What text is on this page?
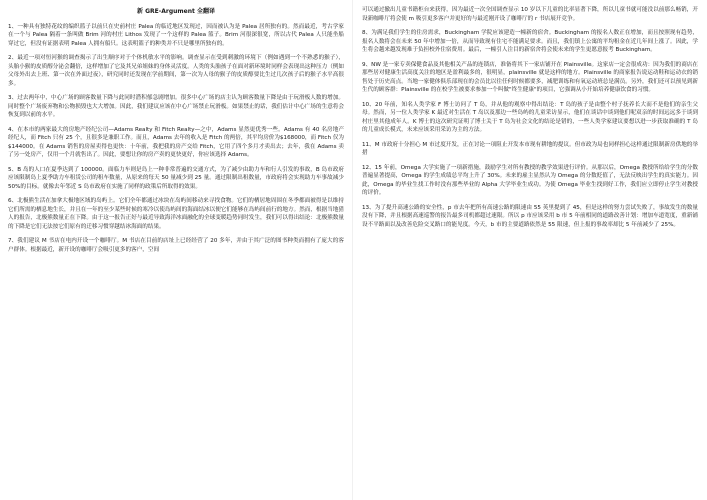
新 GRE-Argument 全翻译

1、一种具有独特花纹的编织篮子以前只在史前村庄 Palea 的临近地区发现过，因而被认为是 Palea 居所独有的。然而最近，考古学家在一个与 Palea 隔着一条叫做 Brim 河的村庄 Lithos 发现了一个这样的 Palea 篮子。Brim 河很深很宽，所以古代 Palea 人只能坐船穿过它，但没有证据表明 Palea 人拥有船只。这表明篮子的种类并不只是哪里所独有的。

2、最近一项对恒河猴的调查揭示了出生顺序对于个体机敏水平的影响。调查显示在受到刺激的环境下（例如遇到一个不熟悉的猴子），头胎小猴的皮质醇分泌会翻倍，这样增加了它及其兄弟姐妹的身体灵活度。人类的头胎孩子在面对新环境时同样会表现出这种压力（例如父母外出去上班、第一次在外面过夜），研究同时还发现在学前期间，第一次为人母的猴子的皮质醇要比生过几次孩子后的猴子水平高很多。

3、过去两年中，中心广场的顾客数量下降与此同时潜积郁急剧增加。很多中心广场的店主认为顾客数量下降是由于玩滑板人数的增加。同时整个广场废弃物和公物损毁也大大增加。因此，我们建议应该在中心广场禁止玩滑板。如果禁止的话，我们估计中心广场的生意将会恢复到以前的水平。

4、在本市的两家最大的房地产经纪公司—Adams Realty 和 Fitch Realty—之中，Adams 显然更优秀一些。Adams 有 40 名房地产经纪人，而 Fitch 只有 25 个，且很多是兼职工作。而且，Adams 去年的收入是 Fitch 的两倍，其平均房价为$168000，而 Fitch 仅为$144000。在 Adams 销售的房屋卖得也更快：十年前，我把我的房产交给 Fitch，它用了四个多月才卖出去；去年，我在 Adams 卖了另一处房产，仅用一个月就售出了。因此，要想让你的房产卖的更快更好，你应该选择 Adams。

5、B 岛的人口在夏季达到了 100000。面临力车则是岛上一种非常普遍的交通方式，为了减少由助力车和行人引发的事故，B 岛市政府应该限制岛上夏季助力车租赁公司的租车数量，从原来的每天 50 量减少到 25 量。通过限制出租数量，市政府将会实现助力车事故减少 50%的目标。就像去年邻近 S 岛市政府在实施了同样的政策后所取得的效果。

6、北极熊生活在加拿大极地区域的岛屿上。它们全年都通过冰块在岛屿间移动来寻找食物。它们的栖居地周围在冬季都面被得是以维持它们所需的栖息地生长，并且在一年的至少某些时候的寒冷以使岛屿间的海面结冰以便它们能够在岛屿间前行的地方。然而，根据当地猎人的报告，北极熊数量正在下降。由于这一报告正好与最近导致海洋冰面融化的全球变暖趋势同时发生，我们可以得出结论：北极熊数量的下降是它们无法按它们原有的迁移习惯穿越结冰海面的结果。

7、我们建议 M 书店在电内开设一个咖啡厅。M 书店在目前的店址上已经经营了 20 多年，并由于其广泛的图书种类而拥有了庞大的客户群体。根据最近，新开设的咖啡厅会吸引更多的客户，空间

可以通过撤出儿童书籍柜台来获得，因为最近一次全国调查显示 10 岁以下儿童的比率显著下降，所以儿童书就可能没以前那么畅销，开设新咖啡厅将会使 m 吸引更多客户并更好的与最近刚开设了咖啡厅的 r 书店展开竞争。

8、为满足我们学生的住房需求，Buckingham 学院应该建造一幢新的宿舍。Buckingham 的报名人数正在增加，而且按照现有趋势，报名人数将会在未来 50 年中增加一倍，从而导致现有住宅不能满足要求。而且，我们镇上公寓的平均租金在近几年间上涨了。因此，学生将会越来越发现难于负担校外住宿费用。最后，一幢引人注目的新宿舍将会使未来的学生更愿意报考 Buckingham。

9、NW 是一家专卖保健食品及其他相关产品的连锁店，准备将其下一家店铺开在 Plainsville。这家店一定会很成功：因为我们的商店在那些居对健康生活高度关注的地区是盈利最多的，很明显，plainsville 就是这样的地方。Plainsville 的商家报告说运动鞋和运动衣的销售处于历史高点。当地一家健体俱乐部现在的会员比以往任何时候都要多，减肥训练和有氧运动班总是满员。另外，我们还可以预见到新生代的顾客群：Plainsville 的在校学生被要求参加一个叫做"终生健康"的项目，它强调从小开始培养健康饮食的习惯。

10、20 年前，知名人类学家 F 博士访问了 T 岛，并从他的观察中得出结论：T 岛的孩子是由整个村子抚养长大而不是他们的亲生父母。然而，另一位人类学家 K 最近对生活在 T 岛以及那边一些岛屿的儿童采访显示，他们在谈话中谈到他们呢双亲的时间远远多于谈到村庄里其他成年人。K 博士的这次研究证明了博士关于 T 岛为社会文化的结论是错的，一些人类学家建议要想以进一步获取准确的 T 岛的儿童成长模式，未来应该采用采访为主的方法。

11、M 市政府十分担心 M 市过度开发，正在讨论一项阻止开发本市现有耕地的提议。但市政为局也同样担心这样通过限制新房供地的举措

12、15 年前，Omega 大学实施了一项新措施，鼓励学生对所有教授的教学效果进行评价。从那以后，Omega 教授所给给学生的分数普遍显著提高，Omega 的学生成绩总平均上升了 30%。未来的雇主显然认为 Omega 的分数贬值了，无法反映出学生的真实能力。因此，Omega 的毕业生找工作时没有那些毕业的 Alpha 大学毕业生成功。为使 Omega 毕业生找到好工作，我们应立即停止学生对教授的评价。

13、为了提升高速公路的安全性，p 市去年把所有高速公路的限速由 55 英里提到了 45，但是这样的努力尝试失败了，事故发生的数量没有下降，并且根据高速巡警的报告最多司机都超过速限。所以 p 市应该采用 b 市 5 年前相同的道路改善计划：增加车道宽度，重新铺设不平路面以及改善危险交叉路口的能见度。今天，b 市的主要道路依然是 55 限速，但上报的事故率却比 5 年前减少了 25%。
